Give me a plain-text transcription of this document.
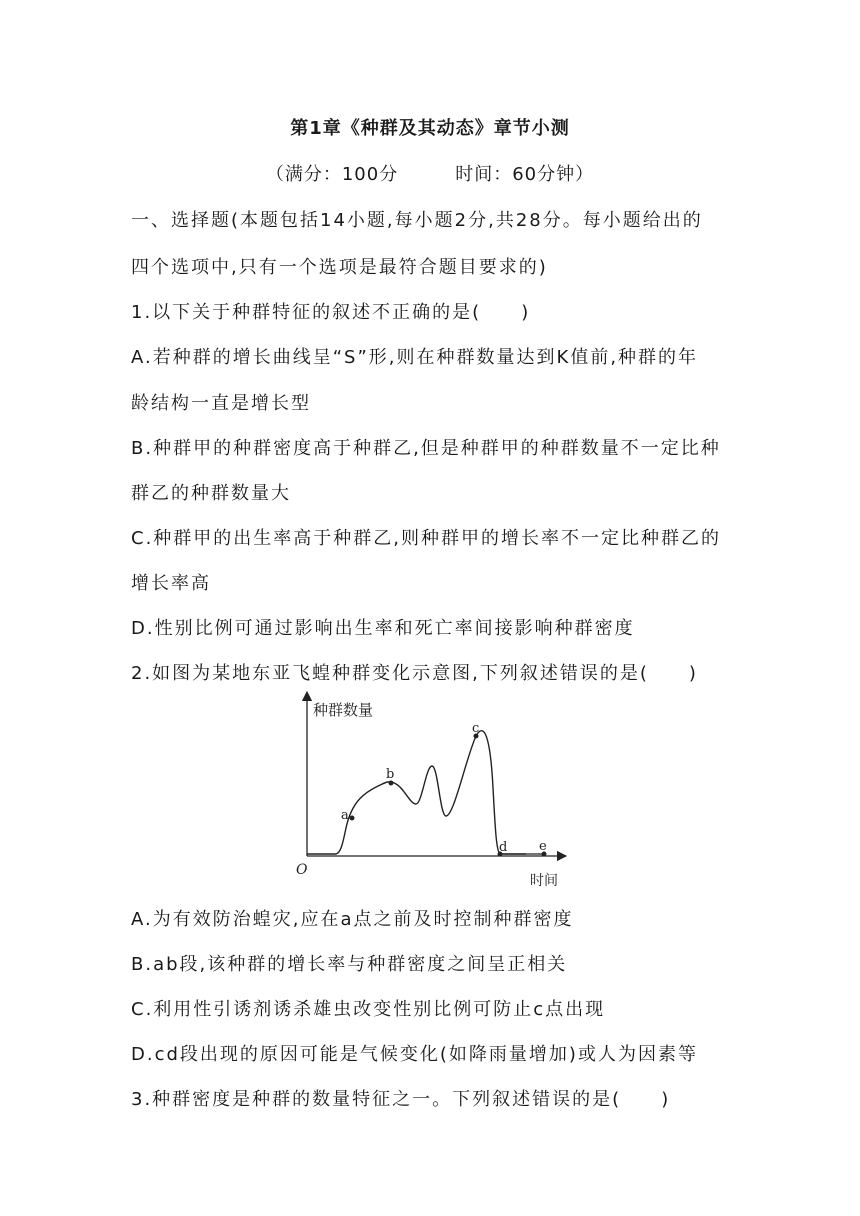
第1章《种群及其动态》章节小测
（满分：100分　　　时间：60分钟）
一、选择题(本题包括14小题,每小题2分,共28分。每小题给出的
四个选项中,只有一个选项是最符合题目要求的)
1.以下关于种群特征的叙述不正确的是(　　)
A.若种群的增长曲线呈“S”形,则在种群数量达到K值前,种群的年
龄结构一直是增长型
B.种群甲的种群密度高于种群乙,但是种群甲的种群数量不一定比种
群乙的种群数量大
C.种群甲的出生率高于种群乙,则种群甲的增长率不一定比种群乙的
增长率高
D.性别比例可通过影响出生率和死亡率间接影响种群密度
2.如图为某地东亚飞蝗种群变化示意图,下列叙述错误的是(　　)
种群数量
时间
O
a
b
c
d e
A.为有效防治蝗灾,应在a点之前及时控制种群密度
B.ab段,该种群的增长率与种群密度之间呈正相关
C.利用性引诱剂诱杀雄虫改变性别比例可防止c点出现
D.cd段出现的原因可能是气候变化(如降雨量增加)或人为因素等
3.种群密度是种群的数量特征之一。下列叙述错误的是(　　)
